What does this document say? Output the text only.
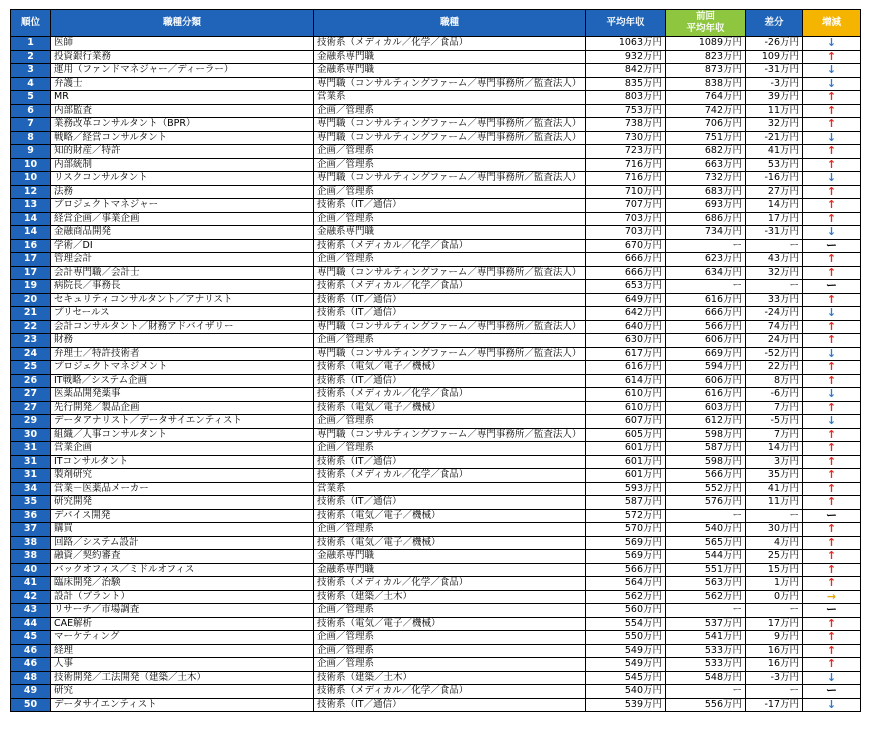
順位	職種分類	職種	平均年収	前回
平均年収	差分	増減
1	医師	技術系（メディカル／化学／食品）	1063万円	1089万円	-26万円	↓
2	投資銀行業務	金融系専門職	932万円	823万円	109万円	↑
3	運用（ファンドマネジャー／ディーラー）	金融系専門職	842万円	873万円	-31万円	↓
4	弁護士	専門職（コンサルティングファーム／専門事務所／監査法人）	835万円	838万円	-3万円	↓
5	MR	営業系	803万円	764万円	39万円	↑
6	内部監査	企画／管理系	753万円	742万円	11万円	↑
7	業務改革コンサルタント（BPR）	専門職（コンサルティングファーム／専門事務所／監査法人）	738万円	706万円	32万円	↑
8	戦略／経営コンサルタント	専門職（コンサルティングファーム／専門事務所／監査法人）	730万円	751万円	-21万円	↓
9	知的財産／特許	企画／管理系	723万円	682万円	41万円	↑
10	内部統制	企画／管理系	716万円	663万円	53万円	↑
10	リスクコンサルタント	専門職（コンサルティングファーム／専門事務所／監査法人）	716万円	732万円	-16万円	↓
12	法務	企画／管理系	710万円	683万円	27万円	↑
13	プロジェクトマネジャー	技術系（IT／通信）	707万円	693万円	14万円	↑
14	経営企画／事業企画	企画／管理系	703万円	686万円	17万円	↑
14	金融商品開発	金融系専門職	703万円	734万円	-31万円	↓
16	学術／DI	技術系（メディカル／化学／食品）	670万円	ー	ー	ー
17	管理会計	企画／管理系	666万円	623万円	43万円	↑
17	会計専門職／会計士	専門職（コンサルティングファーム／専門事務所／監査法人）	666万円	634万円	32万円	↑
19	病院長／事務長	技術系（メディカル／化学／食品）	653万円	ー	ー	ー
20	セキュリティコンサルタント／アナリスト	技術系（IT／通信）	649万円	616万円	33万円	↑
21	プリセールス	技術系（IT／通信）	642万円	666万円	-24万円	↓
22	会計コンサルタント／財務アドバイザリー	専門職（コンサルティングファーム／専門事務所／監査法人）	640万円	566万円	74万円	↑
23	財務	企画／管理系	630万円	606万円	24万円	↑
24	弁理士／特許技術者	専門職（コンサルティングファーム／専門事務所／監査法人）	617万円	669万円	-52万円	↓
25	プロジェクトマネジメント	技術系（電気／電子／機械）	616万円	594万円	22万円	↑
26	IT戦略／システム企画	技術系（IT／通信）	614万円	606万円	8万円	↑
27	医薬品開発薬事	技術系（メディカル／化学／食品）	610万円	616万円	-6万円	↓
27	先行開発／製品企画	技術系（電気／電子／機械）	610万円	603万円	7万円	↑
29	データアナリスト／データサイエンティスト	企画／管理系	607万円	612万円	-5万円	↓
30	組織／人事コンサルタント	専門職（コンサルティングファーム／専門事務所／監査法人）	605万円	598万円	7万円	↑
31	営業企画	企画／管理系	601万円	587万円	14万円	↑
31	ITコンサルタント	技術系（IT／通信）	601万円	598万円	3万円	↑
31	製剤研究	技術系（メディカル／化学／食品）	601万円	566万円	35万円	↑
34	営業－医薬品メーカー	営業系	593万円	552万円	41万円	↑
35	研究開発	技術系（IT／通信）	587万円	576万円	11万円	↑
36	デバイス開発	技術系（電気／電子／機械）	572万円	ー	ー	ー
37	購買	企画／管理系	570万円	540万円	30万円	↑
38	回路／システム設計	技術系（電気／電子／機械）	569万円	565万円	4万円	↑
38	融資／契約審査	金融系専門職	569万円	544万円	25万円	↑
40	バックオフィス／ミドルオフィス	金融系専門職	566万円	551万円	15万円	↑
41	臨床開発／治験	技術系（メディカル／化学／食品）	564万円	563万円	1万円	↑
42	設計（プラント）	技術系（建築／土木）	562万円	562万円	0万円	→
43	リサーチ／市場調査	企画／管理系	560万円	ー	ー	ー
44	CAE解析	技術系（電気／電子／機械）	554万円	537万円	17万円	↑
45	マーケティング	企画／管理系	550万円	541万円	9万円	↑
46	経理	企画／管理系	549万円	533万円	16万円	↑
46	人事	企画／管理系	549万円	533万円	16万円	↑
48	技術開発／工法開発（建築／土木）	技術系（建築／土木）	545万円	548万円	-3万円	↓
49	研究	技術系（メディカル／化学／食品）	540万円	ー	ー	ー
50	データサイエンティスト	技術系（IT／通信）	539万円	556万円	-17万円	↓
